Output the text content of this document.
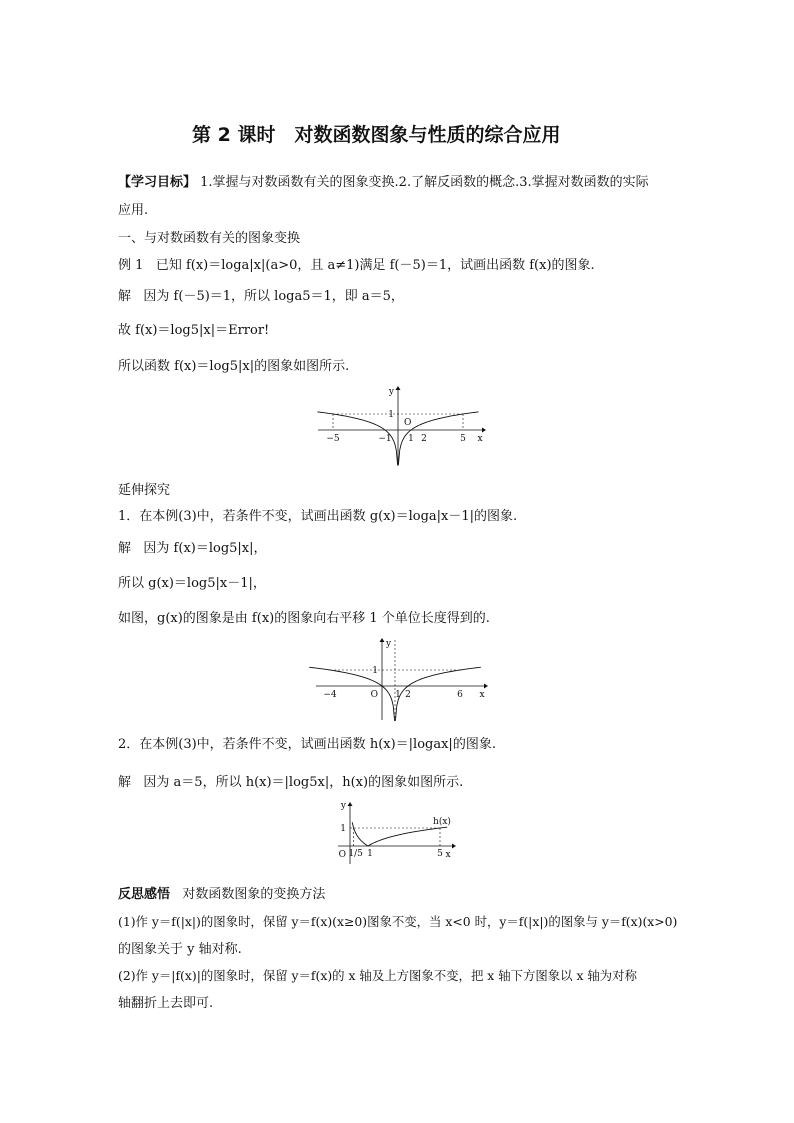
第 2 课时　对数函数图象与性质的综合应用
【学习目标】 1.掌握与对数函数有关的图象变换.2.了解反函数的概念.3.掌握对数函数的实际
应用.
一、与对数函数有关的图象变换
例 1 已知 f(x)＝loga|x|(a>0，且 a≠1)满足 f(－5)＝1，试画出函数 f(x)的图象.
解 因为 f(－5)＝1，所以 loga5＝1，即 a＝5，
故 f(x)＝log5|x|＝Error!
所以函数 f(x)＝log5|x|的图象如图所示.
y
x
1
O
−5	−1 1 2	5
延伸探究
1．在本例(3)中，若条件不变，试画出函数 g(x)＝loga|x－1|的图象.
解 因为 f(x)＝log5|x|，
所以 g(x)＝log5|x－1|，
如图，g(x)的图象是由 f(x)的图象向右平移 1 个单位长度得到的.
y
x
1
O
−4	1 2	6
2．在本例(3)中，若条件不变，试画出函数 h(x)＝|logax|的图象.
解 因为 a＝5，所以 h(x)＝|log5x|，h(x)的图象如图所示.
y
x
1
O 1/5 1	5
h(x)
反思感悟 对数函数图象的变换方法
(1)作 y＝f(|x|)的图象时，保留 y＝f(x)(x≥0)图象不变，当 x<0 时，y＝f(|x|)的图象与 y＝f(x)(x>0)
的图象关于 y 轴对称.
(2)作 y＝|f(x)|的图象时，保留 y＝f(x)的 x 轴及上方图象不变，把 x 轴下方图象以 x 轴为对称
轴翻折上去即可.
